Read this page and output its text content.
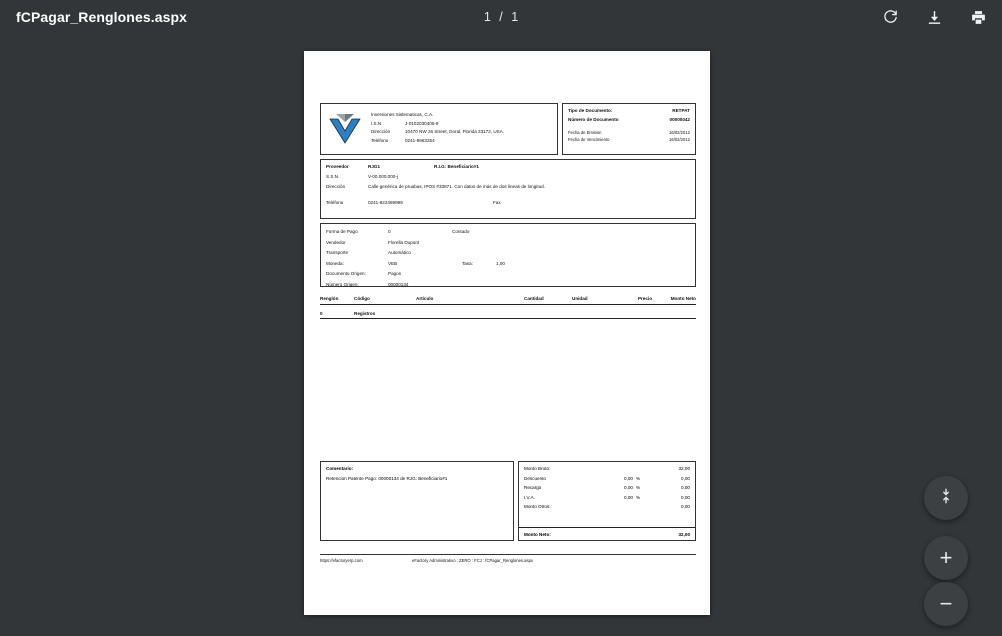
fCPagar_Renglones.aspx	1 / 1
Inversiones Sistematicas, C.A.
I.S.N.	J-0102030405-9
Dirección	10470 NW 26 Street, Doral, Florida 33172, USA.
Teléfono	0241-8963254
Tipo de Documento:	RETPAT
Número de Documento	00000042
Fecha de Emision	16/02/2012
Fecha de Vencimiento	16/02/2012
Proveedor	RJG1	R.I.G: Beneficiario#1
S.S.N.	V-00.000.000-j
Dirección	Calle genérica de pruabas, IPOS #33871. Con datos de más de dos lineas de longitud.
Teléfono	0241-822489999	Fax
Forma de Pago	0	Contado
Vendedor	Florella Dupont
Transporte	Automático
Moneda:	VEB	Tasa:	1,00
Documento Origen:	Pagos
Número Origen:	00000134
Renglón	Código	Articulo	Cantidad	Unidad	Precio	Monto Neto
0	Registros
Comentario:
Retencion Patente Pago: 00000134 de RJG: Beneficiario#1
Monto Bruto:	32,00
Descuento	0,00 %	0,00
Recargo	0,00 %	0,00
I.V.A.	0,00 %	0,00
Monto Otros:	0,00
Monto Neto:	32,00
https://efactoryerp.com	eFactory Administrativo : ZERO : FCJ : fCPagar_Renglones.aspx	+
−
